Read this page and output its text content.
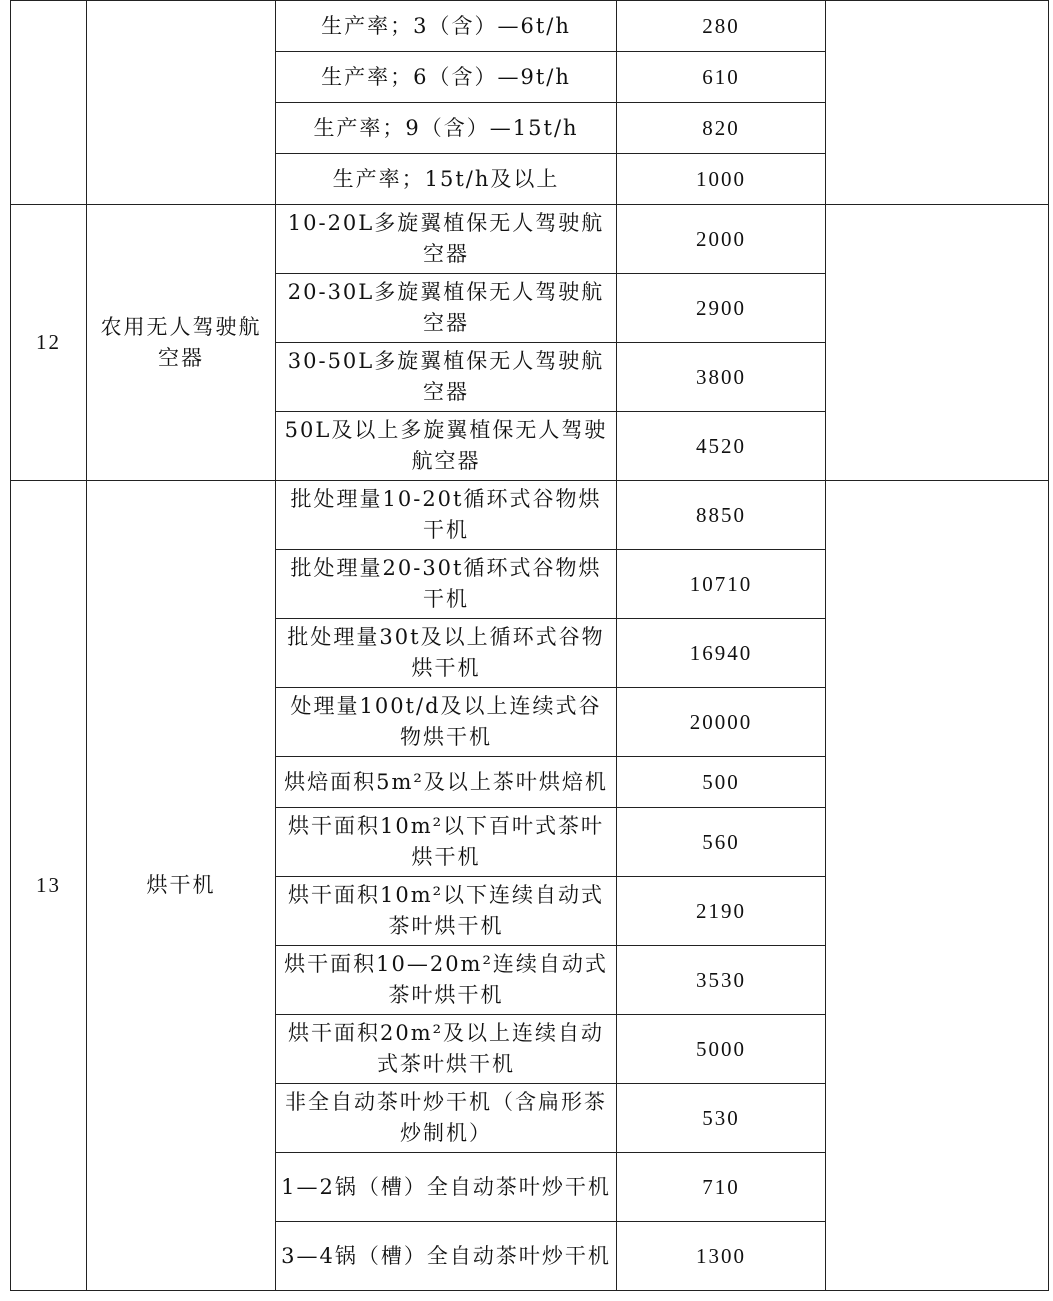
		生产率；3（含）—6t/h	280	
		生产率；6（含）—9t/h	610	
		生产率；9（含）—15t/h	820	
		生产率；15t/h及以上	1000	
12	农用无人驾驶航空器	10-20L多旋翼植保无人驾驶航空器	2000	
		20-30L多旋翼植保无人驾驶航空器	2900	
		30-50L多旋翼植保无人驾驶航空器	3800	
		50L及以上多旋翼植保无人驾驶航空器	4520	
13	烘干机	批处理量10-20t循环式谷物烘干机	8850	
		批处理量20-30t循环式谷物烘干机	10710	
		批处理量30t及以上循环式谷物烘干机	16940	
		处理量100t/d及以上连续式谷物烘干机	20000	
		烘焙面积5m²及以上茶叶烘焙机	500	
		烘干面积10m²以下百叶式茶叶烘干机	560	
		烘干面积10m²以下连续自动式茶叶烘干机	2190	
		烘干面积10—20m²连续自动式茶叶烘干机	3530	
		烘干面积20m²及以上连续自动式茶叶烘干机	5000	
		非全自动茶叶炒干机（含扁形茶炒制机）	530	
		1—2锅（槽）全自动茶叶炒干机	710	
		3—4锅（槽）全自动茶叶炒干机	1300	
